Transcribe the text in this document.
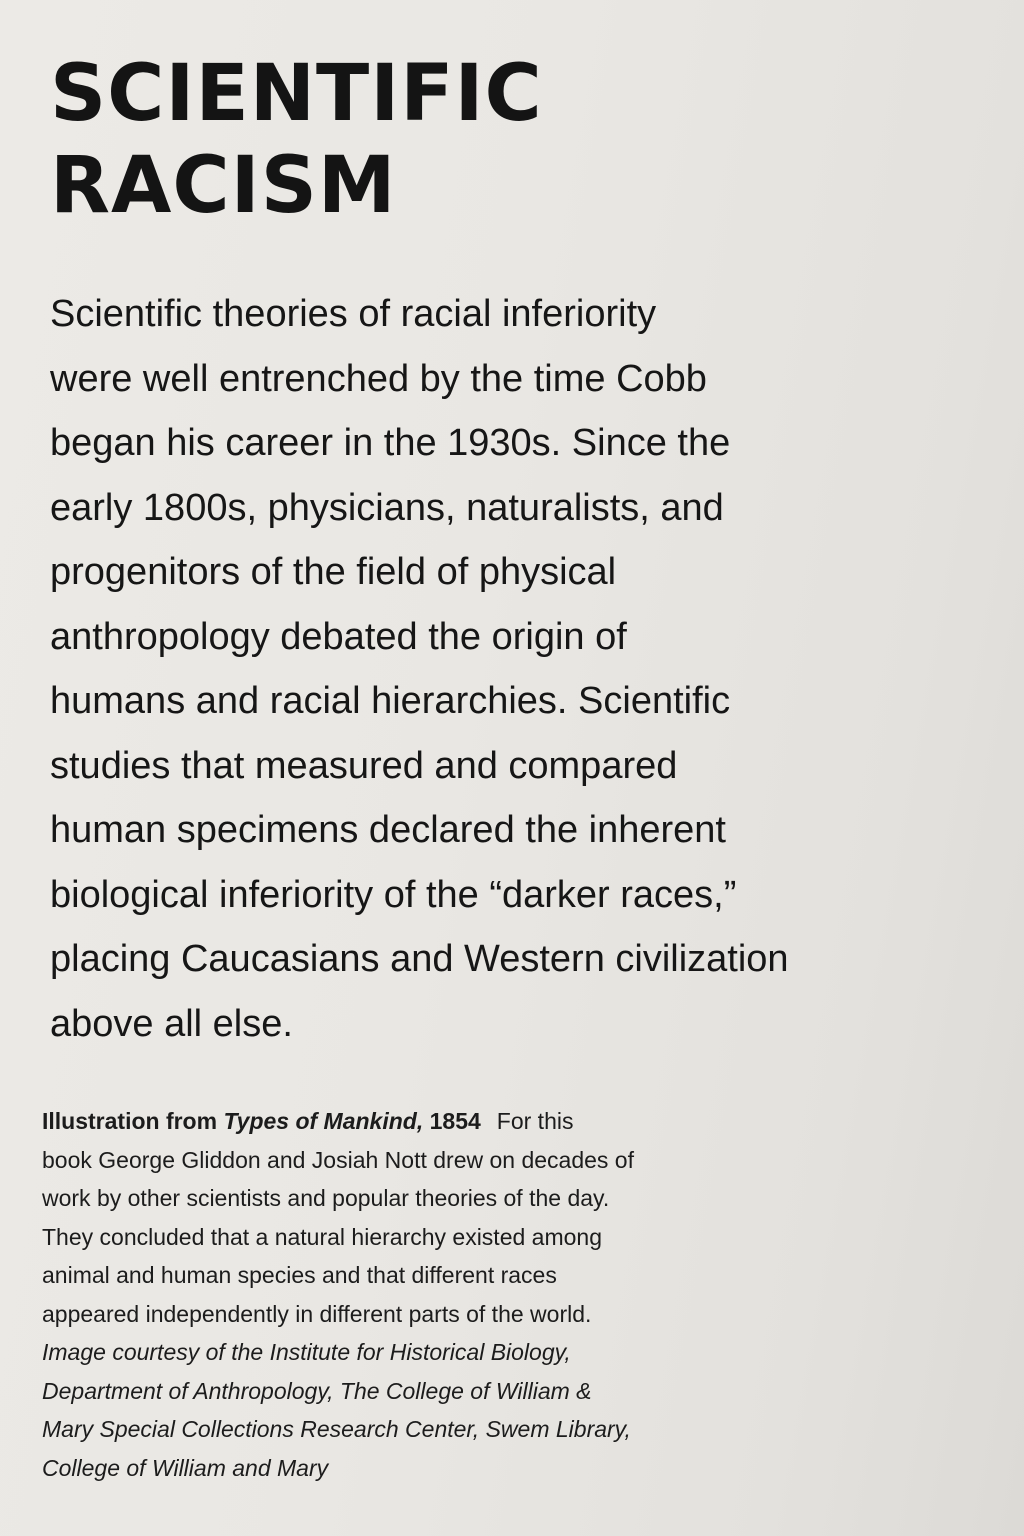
SCIENTIFIC
RACISM
Scientific theories of racial inferiority
were well entrenched by the time Cobb
began his career in the 1930s. Since the
early 1800s, physicians, naturalists, and
progenitors of the field of physical
anthropology debated the origin of
humans and racial hierarchies. Scientific
studies that measured and compared
human specimens declared the inherent
biological inferiority of the “darker races,”
placing Caucasians and Western civilization
above all else.
Illustration from Types of Mankind, 1854 For this
book George Gliddon and Josiah Nott drew on decades of
work by other scientists and popular theories of the day.
They concluded that a natural hierarchy existed among
animal and human species and that different races
appeared independently in different parts of the world.
Image courtesy of the Institute for Historical Biology,
Department of Anthropology, The College of William &
Mary Special Collections Research Center, Swem Library,
College of William and Mary
